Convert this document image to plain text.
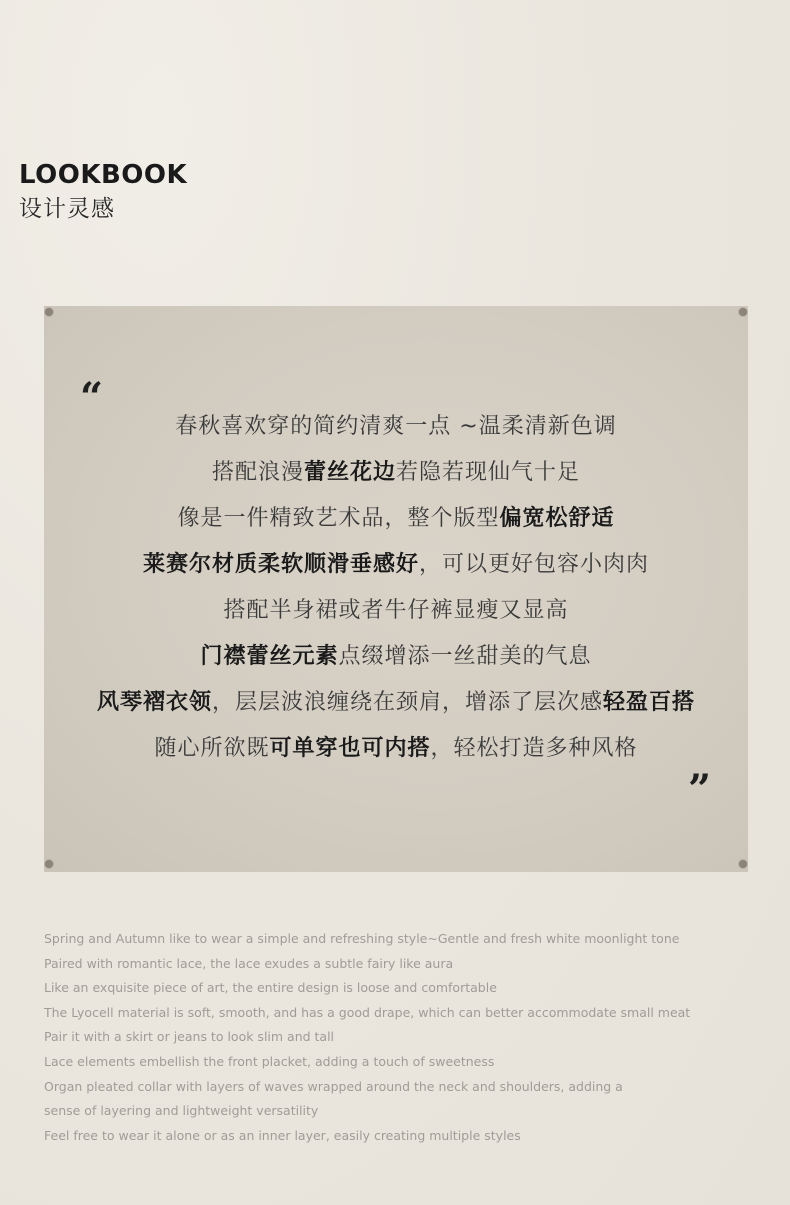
LOOKBOOK
设计灵感
“
”
春秋喜欢穿的简约清爽一点 ~温柔清新色调
搭配浪漫蕾丝花边若隐若现仙气十足
像是一件精致艺术品，整个版型偏宽松舒适
莱赛尔材质柔软顺滑垂感好，可以更好包容小肉肉
搭配半身裙或者牛仔裤显瘦又显高
门襟蕾丝元素点缀增添一丝甜美的气息
风琴褶衣领，层层波浪缠绕在颈肩，增添了层次感轻盈百搭
随心所欲既可单穿也可内搭，轻松打造多种风格
Spring and Autumn like to wear a simple and refreshing style~Gentle and fresh white moonlight tone
Paired with romantic lace, the lace exudes a subtle fairy like aura
Like an exquisite piece of art, the entire design is loose and comfortable
The Lyocell material is soft, smooth, and has a good drape, which can better accommodate small meat
Pair it with a skirt or jeans to look slim and tall
Lace elements embellish the front placket, adding a touch of sweetness
Organ pleated collar with layers of waves wrapped around the neck and shoulders, adding a
sense of layering and lightweight versatility
Feel free to wear it alone or as an inner layer, easily creating multiple styles
